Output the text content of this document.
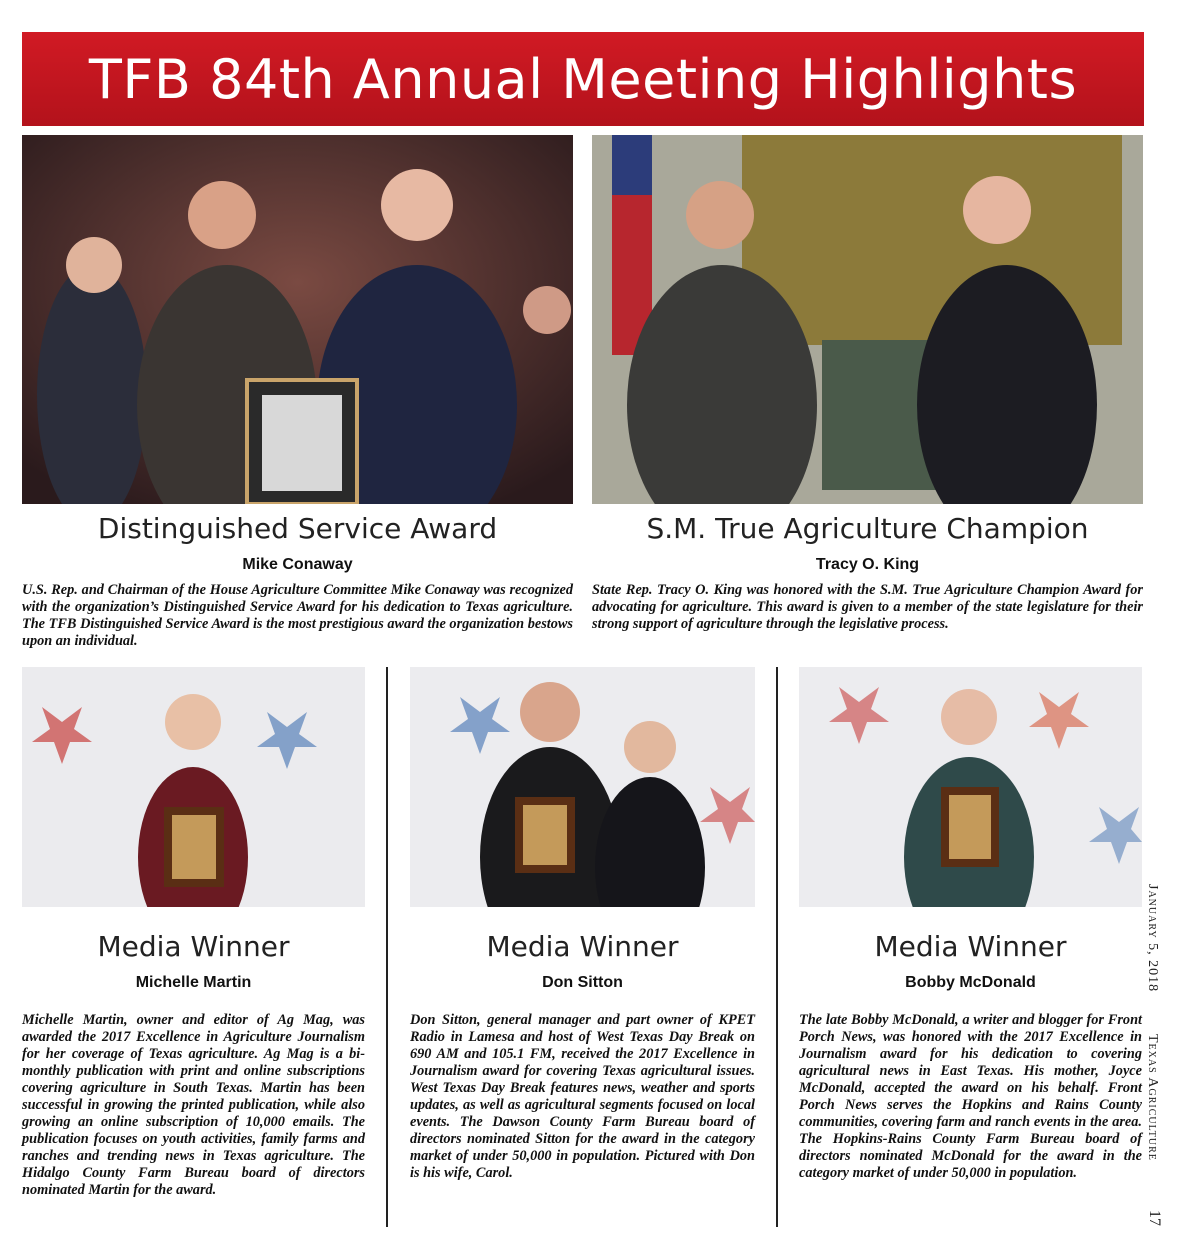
TFB 84th Annual Meeting Highlights
Distinguished Service Award
Mike Conaway

U.S. Rep. and Chairman of the House Agriculture Committee Mike Conaway was recognized with the organization’s Distinguished Service Award for his dedication to Texas agriculture. The TFB Distinguished Service Award is the most prestigious award the organization bestows upon an individual.

S.M. True Agriculture Champion
Tracy O. King

State Rep. Tracy O. King was honored with the S.M. True Agriculture Champion Award for advocating for agriculture. This award is given to a member of the state legislature for their strong support of agriculture through the legislative process.

Media Winner
Michelle Martin

Michelle Martin, owner and editor of Ag Mag, was awarded the 2017 Excellence in Agriculture Journalism for her coverage of Texas agriculture. Ag Mag is a bi-monthly publication with print and online subscriptions covering agriculture in South Texas. Martin has been successful in growing the printed publication, while also growing an online subscription of 10,000 emails. The publication focuses on youth activities, family farms and ranches and trending news in Texas agriculture. The Hidalgo County Farm Bureau board of directors nominated Martin for the award.

Media Winner
Don Sitton

Don Sitton, general manager and part owner of KPET Radio in Lamesa and host of West Texas Day Break on 690 AM and 105.1 FM, received the 2017 Excellence in Journalism award for covering Texas agricultural issues. West Texas Day Break features news, weather and sports updates, as well as agricultural segments focused on local events. The Dawson County Farm Bureau board of directors nominated Sitton for the award in the category market of under 50,000 in population. Pictured with Don is his wife, Carol.

Media Winner
Bobby McDonald

The late Bobby McDonald, a writer and blogger for Front Porch News, was honored with the 2017 Excellence in Journalism award for his dedication to covering agricultural news in East Texas. His mother, Joyce McDonald, accepted the award on his behalf. Front Porch News serves the Hopkins and Rains County communities, covering farm and ranch events in the area. The Hopkins-Rains County Farm Bureau board of directors nominated McDonald for the award in the category market of under 50,000 in population.

January 5, 2018
Texas Agriculture
17
